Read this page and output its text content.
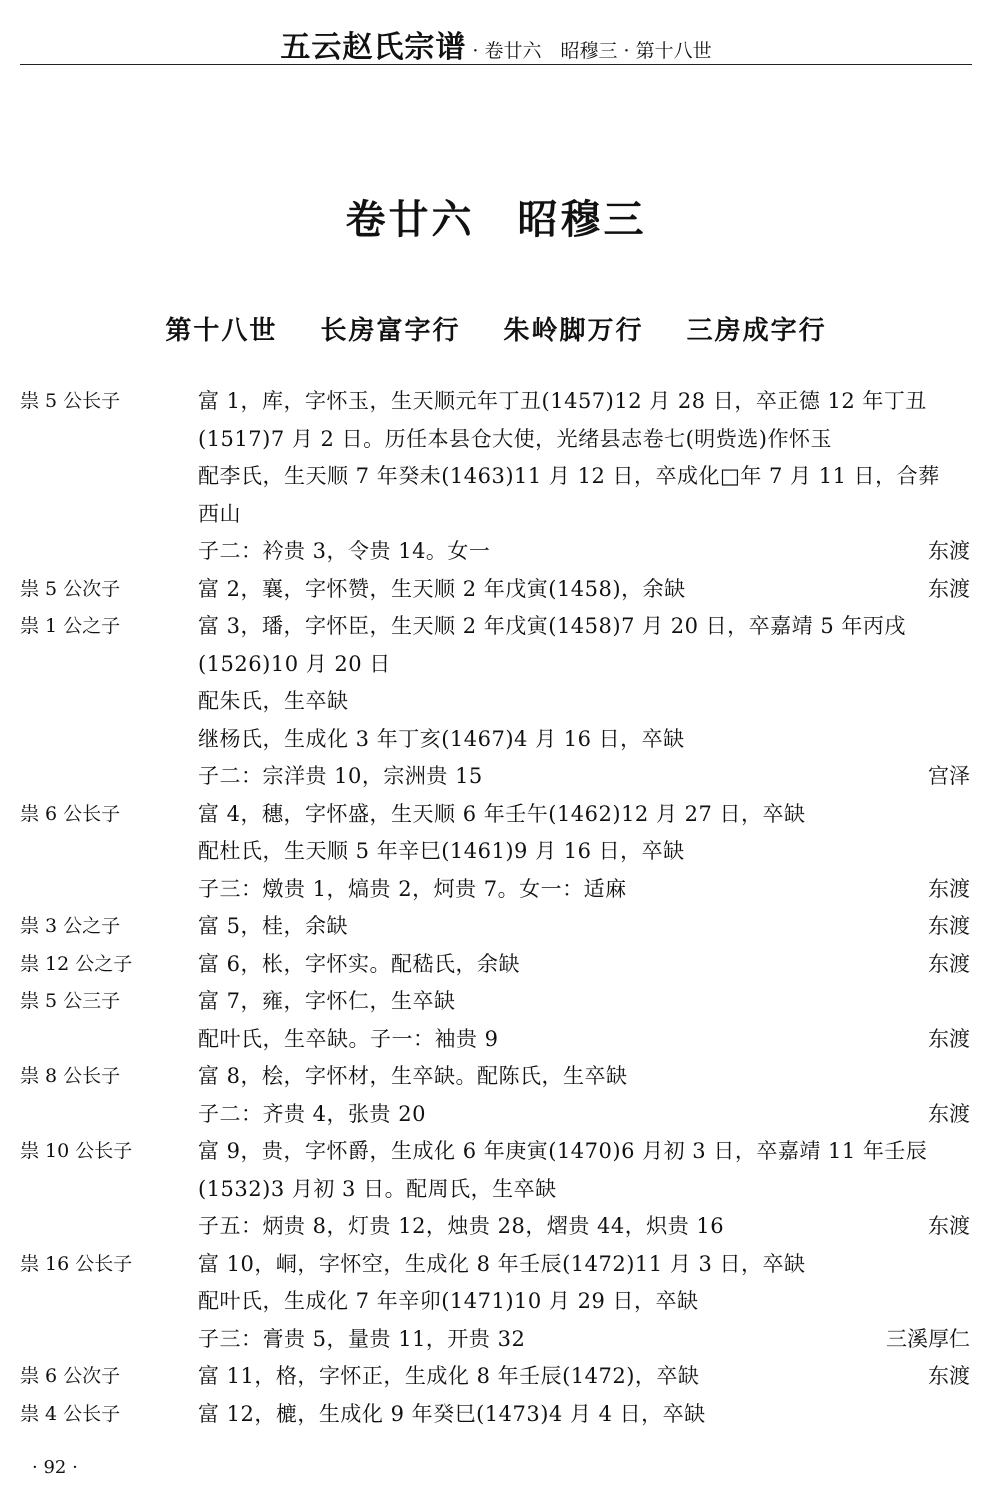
五云赵氏宗谱 · 卷廿六　昭穆三 · 第十八世
卷廿六　昭穆三
第十八世 长房富字行 朱岭脚万行 三房成字行
祟 5 公长子	富 1，库，字怀玉，生天顺元年丁丑(1457)12 月 28 日，卒正德 12 年丁丑
(1517)7 月 2 日。历任本县仓大使，光绪县志卷七(明赀选)作怀玉
配李氏，生天顺 7 年癸未(1463)11 月 12 日，卒成化□年 7 月 11 日，合葬
西山
子二：衿贵 3，令贵 14。女一	东渡
祟 5 公次子	富 2，襄，字怀赞，生天顺 2 年戊寅(1458)，余缺	东渡
祟 1 公之子	富 3，璠，字怀臣，生天顺 2 年戊寅(1458)7 月 20 日，卒嘉靖 5 年丙戌
(1526)10 月 20 日
配朱氏，生卒缺
继杨氏，生成化 3 年丁亥(1467)4 月 16 日，卒缺
子二：宗洋贵 10，宗洲贵 15	宫泽
祟 6 公长子	富 4，穗，字怀盛，生天顺 6 年壬午(1462)12 月 27 日，卒缺
配杜氏，生天顺 5 年辛巳(1461)9 月 16 日，卒缺
子三：燉贵 1，熇贵 2，炣贵 7。女一：适麻	东渡
祟 3 公之子	富 5，桂，余缺	东渡
祟 12 公之子	富 6，枨，字怀实。配嵇氏，余缺	东渡
祟 5 公三子	富 7，雍，字怀仁，生卒缺
配叶氏，生卒缺。子一：袖贵 9	东渡
祟 8 公长子	富 8，桧，字怀材，生卒缺。配陈氏，生卒缺
子二：齐贵 4，张贵 20	东渡
祟 10 公长子	富 9，贵，字怀爵，生成化 6 年庚寅(1470)6 月初 3 日，卒嘉靖 11 年壬辰
(1532)3 月初 3 日。配周氏，生卒缺
子五：炳贵 8，灯贵 12，烛贵 28，熠贵 44，炽贵 16	东渡
祟 16 公长子	富 10，峒，字怀空，生成化 8 年壬辰(1472)11 月 3 日，卒缺
配叶氏，生成化 7 年辛卯(1471)10 月 29 日，卒缺
子三：膏贵 5，量贵 11，开贵 32	三溪厚仁
祟 6 公次子	富 11，格，字怀正，生成化 8 年壬辰(1472)，卒缺	东渡
祟 4 公长子	富 12，樚，生成化 9 年癸巳(1473)4 月 4 日，卒缺
· 92 ·
